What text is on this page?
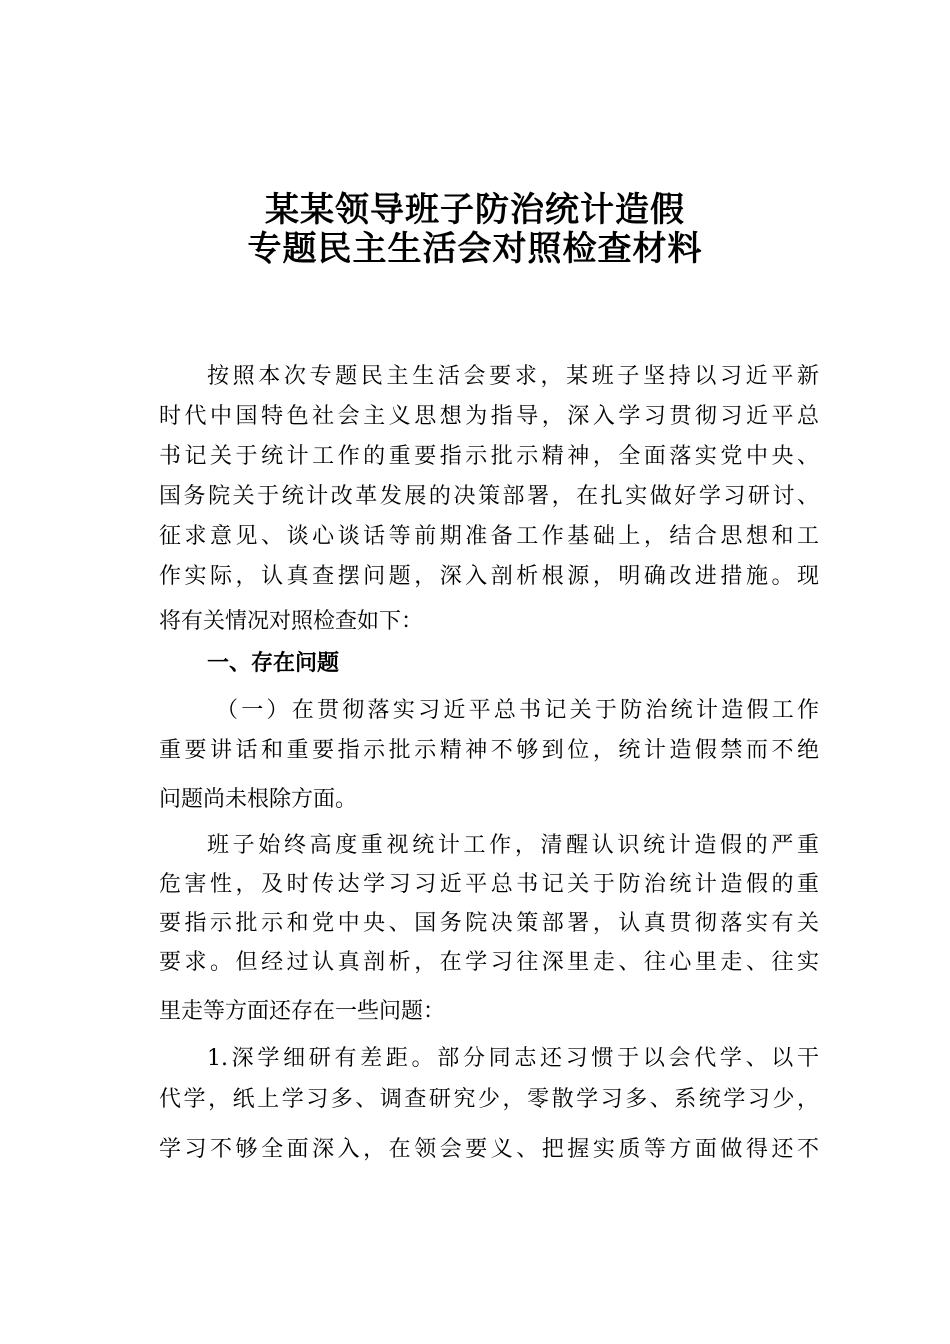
某某领导班子防治统计造假
专题民主生活会对照检查材料
按照本次专题民主生活会要求，某班子坚持以习近平新
时代中国特色社会主义思想为指导，深入学习贯彻习近平总
书记关于统计工作的重要指示批示精神，全面落实党中央、
国务院关于统计改革发展的决策部署，在扎实做好学习研讨、
征求意见、谈心谈话等前期准备工作基础上，结合思想和工
作实际，认真查摆问题，深入剖析根源，明确改进措施。现
将有关情况对照检查如下：
一、存在问题
（一）在贯彻落实习近平总书记关于防治统计造假工作
重要讲话和重要指示批示精神不够到位，统计造假禁而不绝
问题尚未根除方面。
班子始终高度重视统计工作，清醒认识统计造假的严重
危害性，及时传达学习习近平总书记关于防治统计造假的重
要指示批示和党中央、国务院决策部署，认真贯彻落实有关
要求。但经过认真剖析，在学习往深里走、往心里走、往实
里走等方面还存在一些问题：
1.深学细研有差距。部分同志还习惯于以会代学、以干
代学，纸上学习多、调查研究少，零散学习多、系统学习少，
学习不够全面深入，在领会要义、把握实质等方面做得还不
